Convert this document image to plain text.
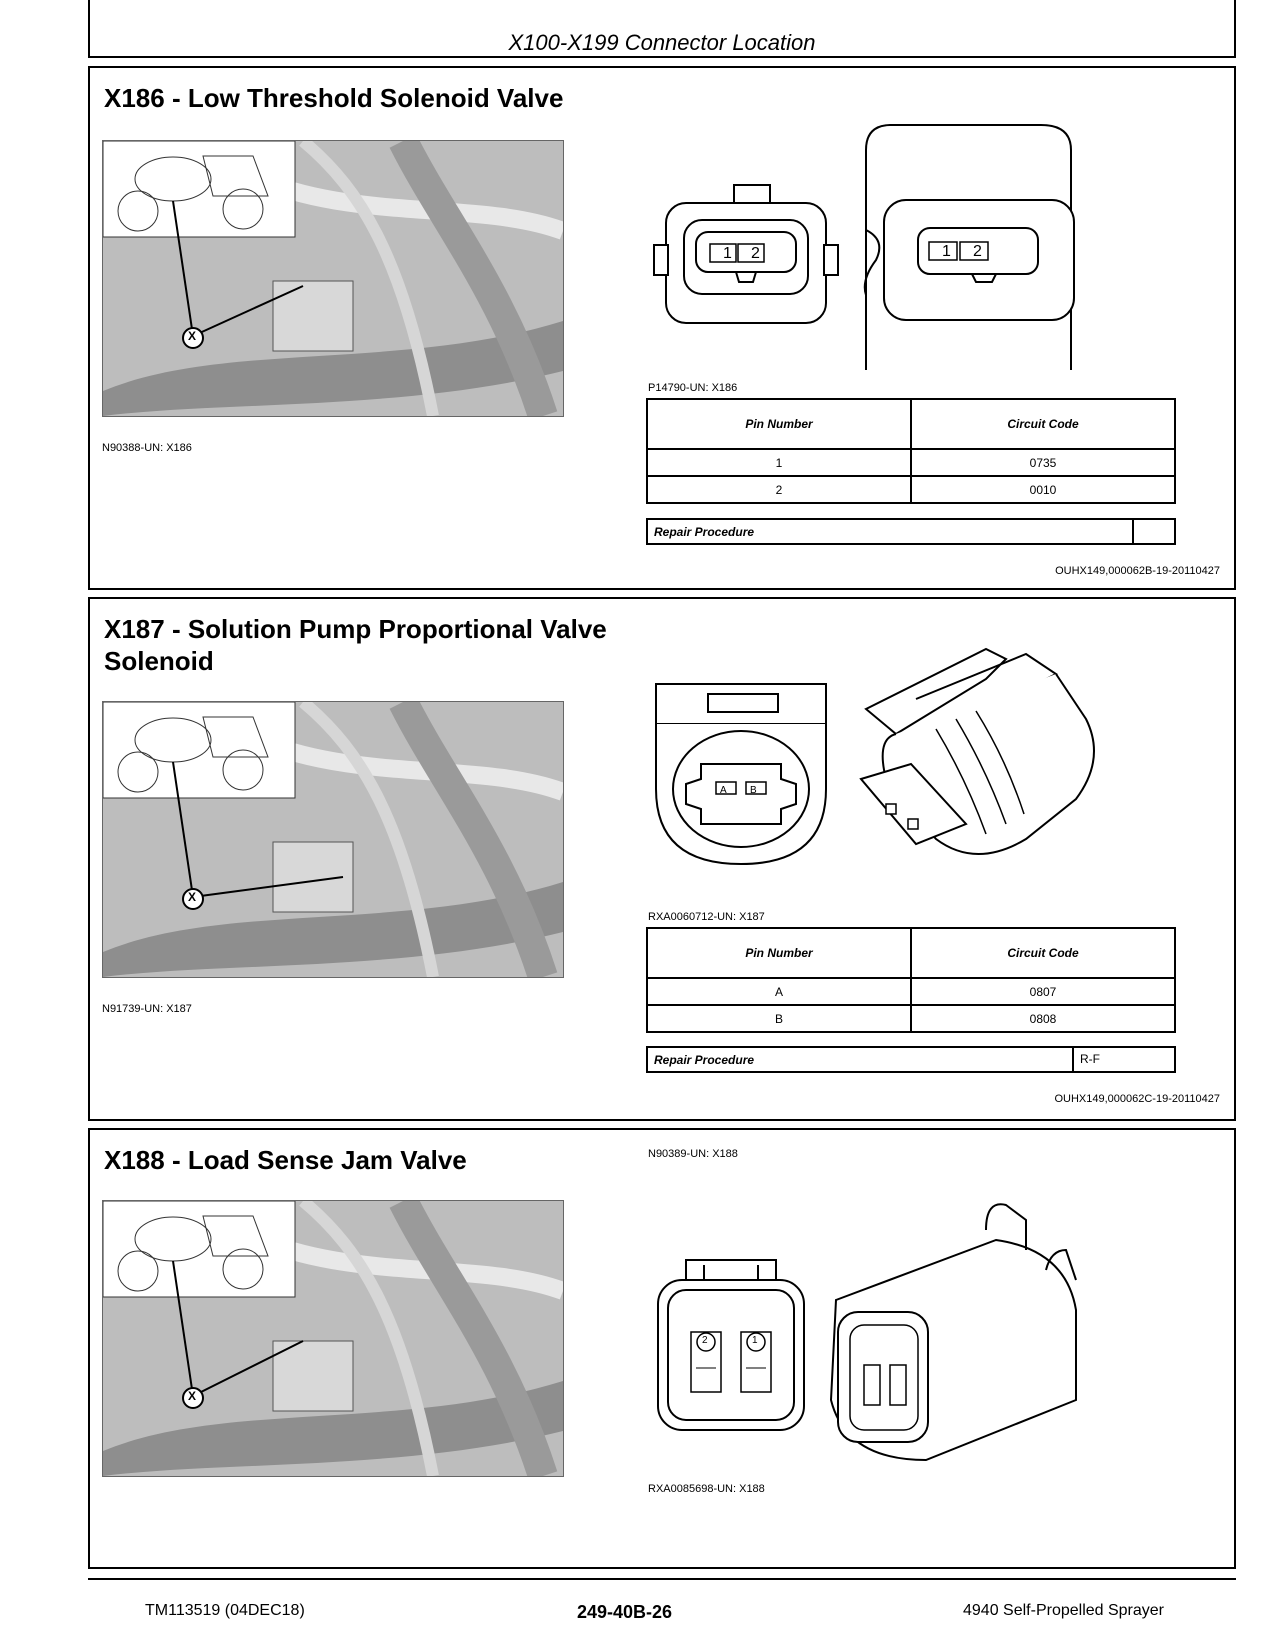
X100-X199 Connector Location
X186 - Low Threshold Solenoid Valve
X
N90388-UN: X186
1 2	1 2
P14790-UN: X186
Pin Number	Circuit Code
1	0735
2	0010
Repair Procedure
OUHX149,000062B-19-20110427
X187 - Solution Pump Proportional Valve
Solenoid
X
N91739-UN: X187
A B
RXA0060712-UN: X187
Pin Number	Circuit Code
A	0807
B	0808
Repair Procedure	R-F
OUHX149,000062C-19-20110427
X188 - Load Sense Jam Valve
X
N90389-UN: X188
2	1
RXA0085698-UN: X188
TM113519 (04DEC18)	249-40B-26	4940 Self-Propelled Sprayer
